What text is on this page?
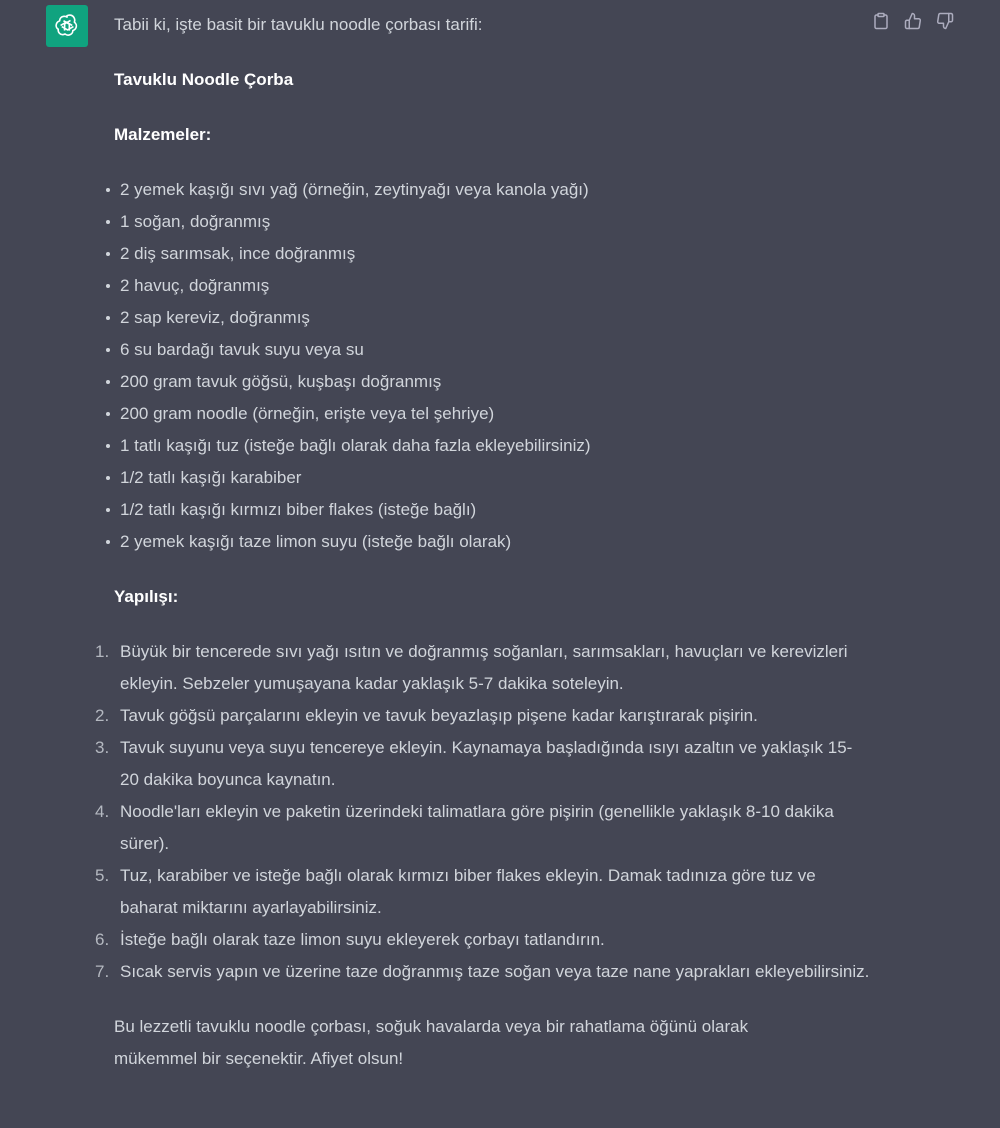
Tabii ki, işte basit bir tavuklu noodle çorbası tarifi:

Tavuklu Noodle Çorba

Malzemeler:

2 yemek kaşığı sıvı yağ (örneğin, zeytinyağı veya kanola yağı)
1 soğan, doğranmış
2 diş sarımsak, ince doğranmış
2 havuç, doğranmış
2 sap kereviz, doğranmış
6 su bardağı tavuk suyu veya su
200 gram tavuk göğsü, kuşbaşı doğranmış
200 gram noodle (örneğin, erişte veya tel şehriye)
1 tatlı kaşığı tuz (isteğe bağlı olarak daha fazla ekleyebilirsiniz)
1/2 tatlı kaşığı karabiber
1/2 tatlı kaşığı kırmızı biber flakes (isteğe bağlı)
2 yemek kaşığı taze limon suyu (isteğe bağlı olarak)

Yapılışı:

1. Büyük bir tencerede sıvı yağı ısıtın ve doğranmış soğanları, sarımsakları, havuçları ve kerevizleri ekleyin. Sebzeler yumuşayana kadar yaklaşık 5-7 dakika soteleyin.
2. Tavuk göğsü parçalarını ekleyin ve tavuk beyazlaşıp pişene kadar karıştırarak pişirin.
3. Tavuk suyunu veya suyu tencereye ekleyin. Kaynamaya başladığında ısıyı azaltın ve yaklaşık 15-20 dakika boyunca kaynatın.
4. Noodle'ları ekleyin ve paketin üzerindeki talimatlara göre pişirin (genellikle yaklaşık 8-10 dakika sürer).
5. Tuz, karabiber ve isteğe bağlı olarak kırmızı biber flakes ekleyin. Damak tadınıza göre tuz ve baharat miktarını ayarlayabilirsiniz.
6. İsteğe bağlı olarak taze limon suyu ekleyerek çorbayı tatlandırın.
7. Sıcak servis yapın ve üzerine taze doğranmış taze soğan veya taze nane yaprakları ekleyebilirsiniz.

Bu lezzetli tavuklu noodle çorbası, soğuk havalarda veya bir rahatlama öğünü olarak mükemmel bir seçenektir. Afiyet olsun!
